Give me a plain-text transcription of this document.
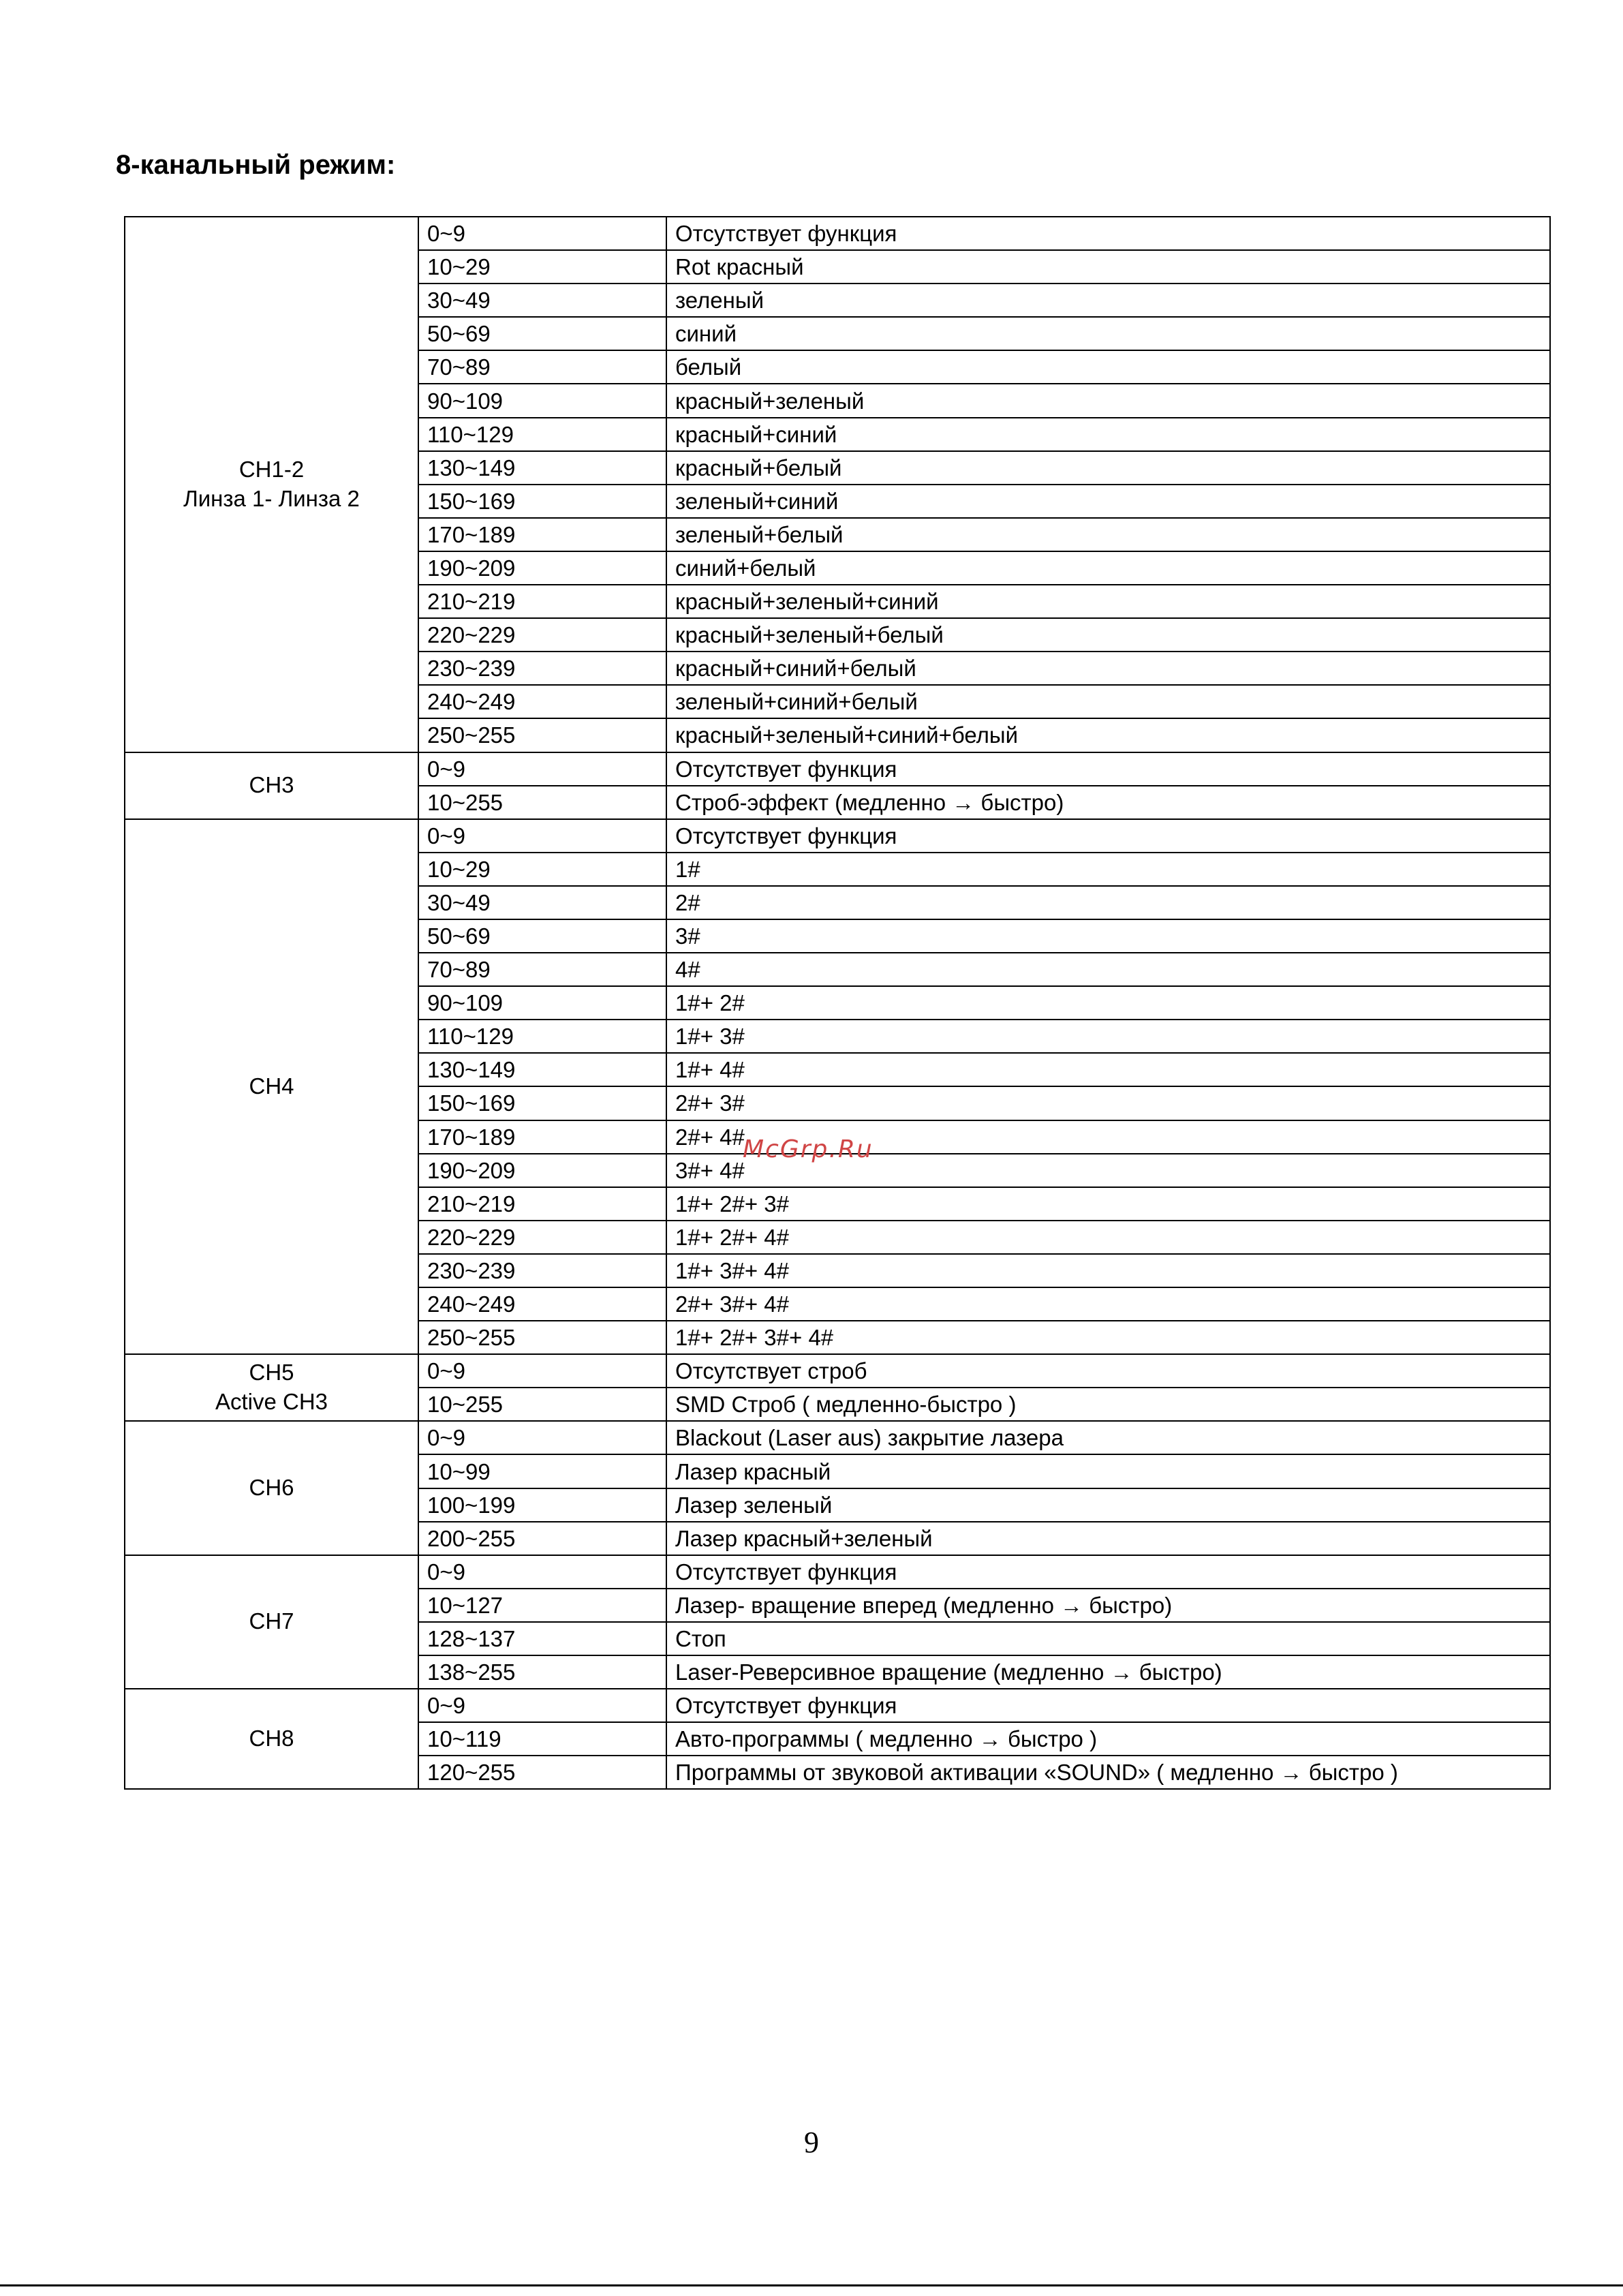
8-канальный режим:
CH1-2
Линза 1- Линза 2	0~9	Отсутствует функция
	10~29	Rot красный
	30~49	зеленый
	50~69	синий
	70~89	белый
	90~109	красный+зеленый
	110~129	красный+синий
	130~149	красный+белый
	150~169	зеленый+синий
	170~189	зеленый+белый
	190~209	синий+белый
	210~219	красный+зеленый+синий
	220~229	красный+зеленый+белый
	230~239	красный+синий+белый
	240~249	зеленый+синий+белый
	250~255	красный+зеленый+синий+белый

CH3	0~9	Отсутствует функция
	10~255	Строб-эффект (медленно → быстро)

CH4	0~9	Отсутствует функция
	10~29	1#
	30~49	2#
	50~69	3#
	70~89	4#
	90~109	1#+ 2#
	110~129	1#+ 3#
	130~149	1#+ 4#
	150~169	2#+ 3#
	170~189	2#+ 4#
	190~209	3#+ 4#
	210~219	1#+ 2#+ 3#
	220~229	1#+ 2#+ 4#
	230~239	1#+ 3#+ 4#
	240~249	2#+ 3#+ 4#
	250~255	1#+ 2#+ 3#+ 4#

CH5
Active CH3	0~9	Отсутствует строб
	10~255	SMD Строб ( медленно-быстро )

CH6	0~9	Blackout (Laser aus) закрытие лазера
	10~99	Лазер красный
	100~199	Лазер зеленый
	200~255	Лазер красный+зеленый

CH7	0~9	Отсутствует функция
	10~127	Лазер- вращение вперед (медленно → быстро)
	128~137	Стоп
	138~255	Laser-Реверсивное вращение (медленно → быстро)

CH8	0~9	Отсутствует функция
	10~119	Авто-программы ( медленно → быстро )
	120~255	Программы от звуковой активации «SOUND» ( медленно → быстро )
McGrp.Ru
9
